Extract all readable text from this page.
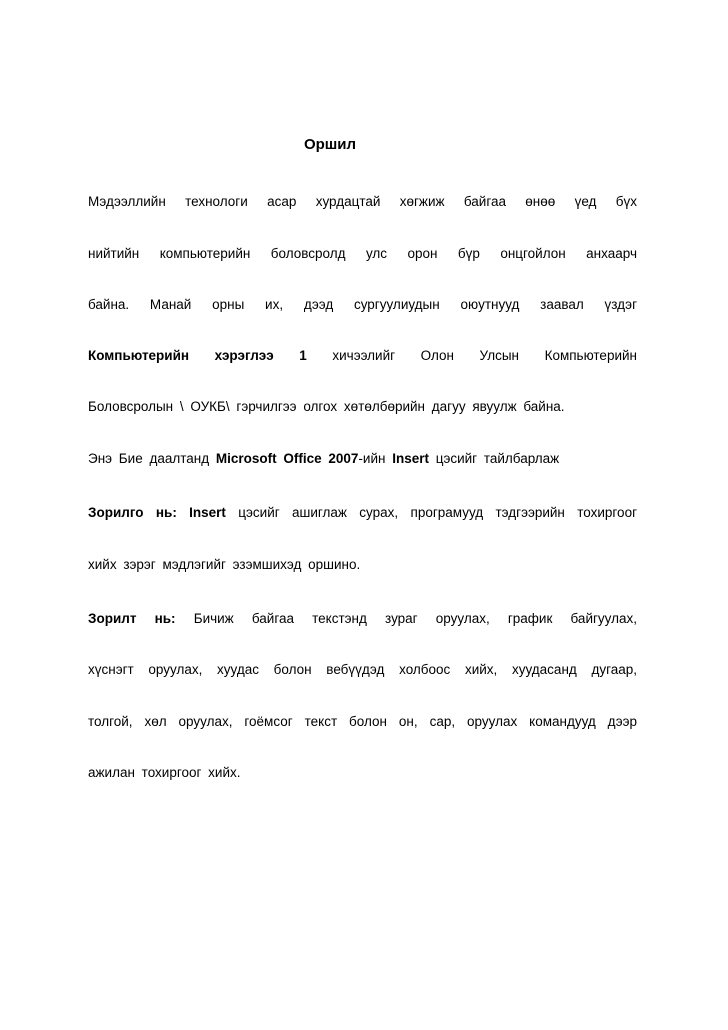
Оршил
Мэдээллийн технологи асар хурдацтай хөгжиж байгаа өнөө үед бүх
нийтийн компьютерийн боловсролд улс орон бүр онцгойлон анхаарч
байна. Манай орны их, дээд сургуулиудын оюутнууд заавал үздэг
Компьютерийн хэрэглээ 1 хичээлийг Олон Улсын Компьютерийн
Боловсролын \ ОУКБ\ гэрчилгээ олгох хөтөлбөрийн дагуу явуулж байна.
Энэ Бие даалтанд Microsoft Office 2007-ийн Insert цэсийг тайлбарлаж
Зорилго нь: Insert цэсийг ашиглаж сурах, програмууд тэдгээрийн тохиргоог
хийх зэрэг мэдлэгийг эзэмшихэд оршино.
Зорилт нь: Бичиж байгаа текстэнд зураг оруулах, график байгуулах,
хүснэгт оруулах, хуудас болон вебүүдэд холбоос хийх, хуудасанд дугаар,
толгой, хөл оруулах, гоёмсог текст болон он, сар, оруулах командууд дээр
ажилан тохиргоог хийх.
